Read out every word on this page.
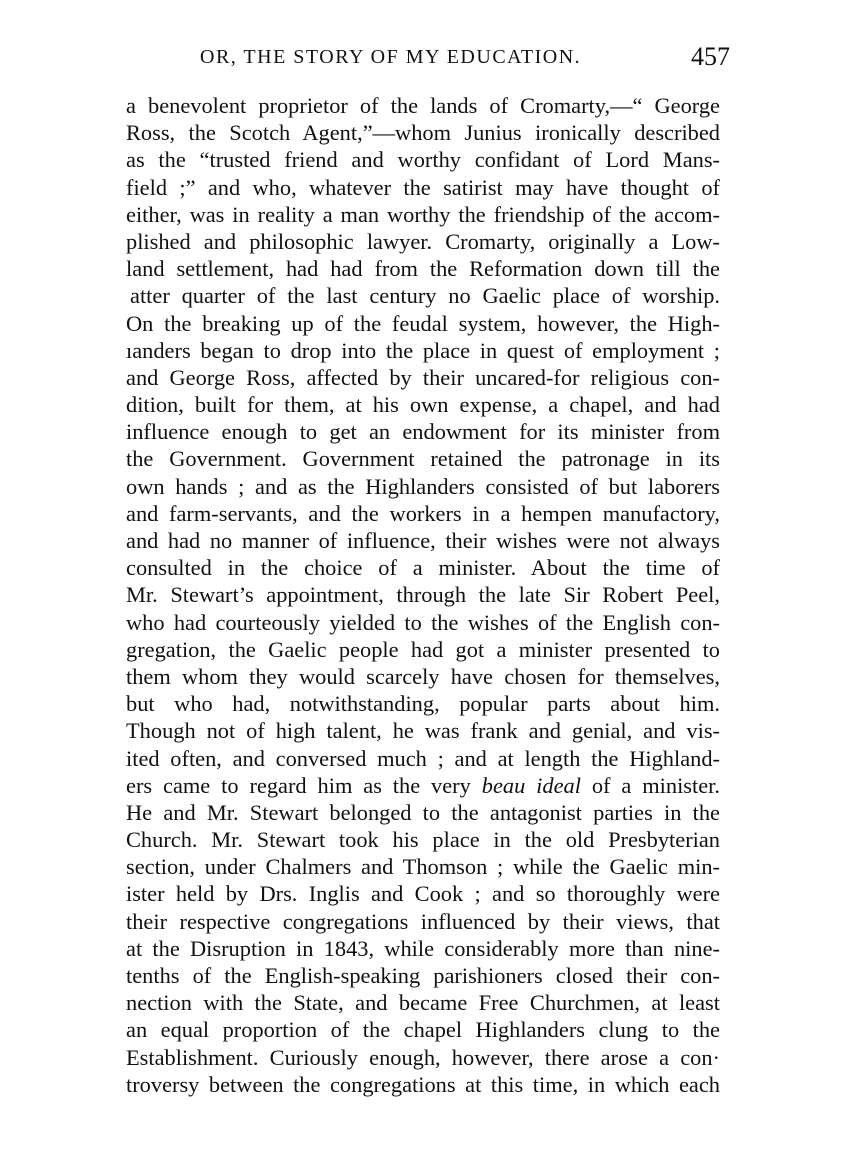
OR, THE STORY OF MY EDUCATION.	457
a benevolent proprietor of the lands of Cromarty,—“ George
Ross, the Scotch Agent,”—whom Junius ironically described
as the “trusted friend and worthy confidant of Lord Mans-
field ;” and who, whatever the satirist may have thought of
either, was in reality a man worthy the friendship of the accom-
plished and philosophic lawyer. Cromarty, originally a Low-
land settlement, had had from the Reformation down till the
atter quarter of the last century no Gaelic place of worship.
On the breaking up of the feudal system, however, the High-
ıanders began to drop into the place in quest of employment ;
and George Ross, affected by their uncared-for religious con-
dition, built for them, at his own expense, a chapel, and had
influence enough to get an endowment for its minister from
the Government. Government retained the patronage in its
own hands ; and as the Highlanders consisted of but laborers
and farm-servants, and the workers in a hempen manufactory,
and had no manner of influence, their wishes were not always
consulted in the choice of a minister. About the time of
Mr. Stewart’s appointment, through the late Sir Robert Peel,
who had courteously yielded to the wishes of the English con-
gregation, the Gaelic people had got a minister presented to
them whom they would scarcely have chosen for themselves,
but who had, notwithstanding, popular parts about him.
Though not of high talent, he was frank and genial, and vis-
ited often, and conversed much ; and at length the Highland-
ers came to regard him as the very beau ideal of a minister.
He and Mr. Stewart belonged to the antagonist parties in the
Church. Mr. Stewart took his place in the old Presbyterian
section, under Chalmers and Thomson ; while the Gaelic min-
ister held by Drs. Inglis and Cook ; and so thoroughly were
their respective congregations influenced by their views, that
at the Disruption in 1843, while considerably more than nine-
tenths of the English-speaking parishioners closed their con-
nection with the State, and became Free Churchmen, at least
an equal proportion of the chapel Highlanders clung to the
Establishment. Curiously enough, however, there arose a con·
troversy between the congregations at this time, in which each
